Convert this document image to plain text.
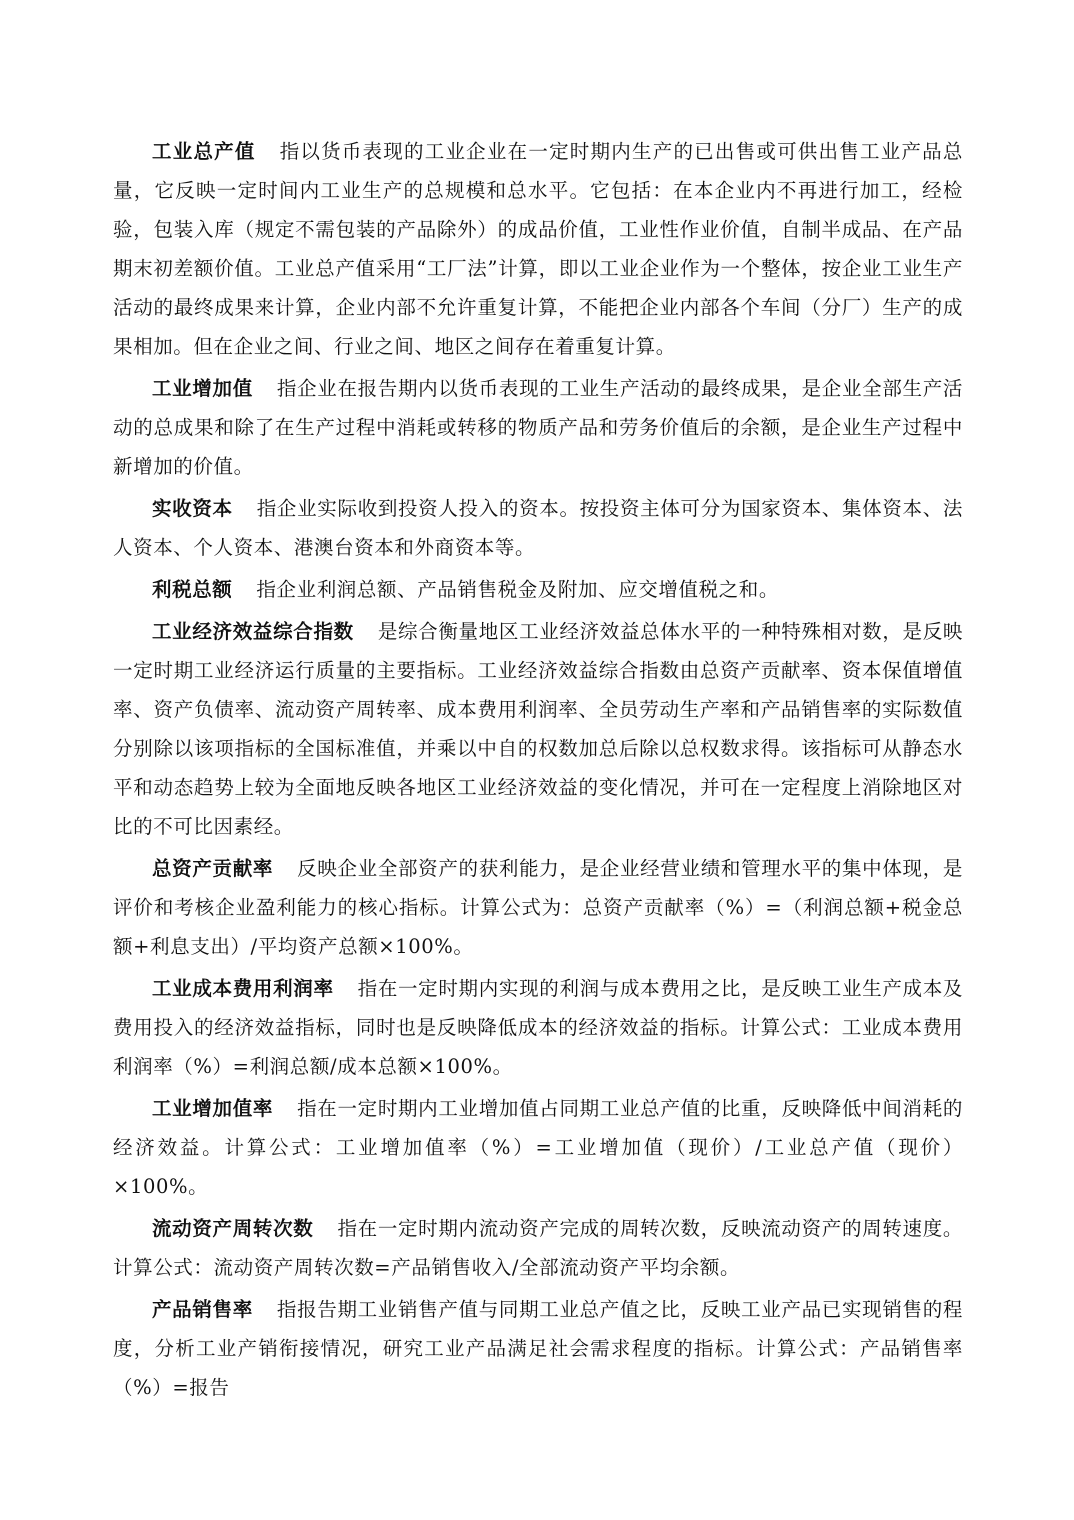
工业总产值 指以货币表现的工业企业在一定时期内生产的已出售或可供出售工业产品总量，它反映一定时间内工业生产的总规模和总水平。它包括：在本企业内不再进行加工，经检验，包装入库（规定不需包装的产品除外）的成品价值，工业性作业价值，自制半成品、在产品期末初差额价值。工业总产值采用“工厂法”计算，即以工业企业作为一个整体，按企业工业生产活动的最终成果来计算，企业内部不允许重复计算，不能把企业内部各个车间（分厂）生产的成果相加。但在企业之间、行业之间、地区之间存在着重复计算。

工业增加值 指企业在报告期内以货币表现的工业生产活动的最终成果，是企业全部生产活动的总成果和除了在生产过程中消耗或转移的物质产品和劳务价值后的余额，是企业生产过程中新增加的价值。

实收资本 指企业实际收到投资人投入的资本。按投资主体可分为国家资本、集体资本、法人资本、个人资本、港澳台资本和外商资本等。

利税总额 指企业利润总额、产品销售税金及附加、应交增值税之和。

工业经济效益综合指数 是综合衡量地区工业经济效益总体水平的一种特殊相对数，是反映一定时期工业经济运行质量的主要指标。工业经济效益综合指数由总资产贡献率、资本保值增值率、资产负债率、流动资产周转率、成本费用利润率、全员劳动生产率和产品销售率的实际数值分别除以该项指标的全国标准值，并乘以中自的权数加总后除以总权数求得。该指标可从静态水平和动态趋势上较为全面地反映各地区工业经济效益的变化情况，并可在一定程度上消除地区对比的不可比因素经。

总资产贡献率 反映企业全部资产的获利能力，是企业经营业绩和管理水平的集中体现，是评价和考核企业盈利能力的核心指标。计算公式为：总资产贡献率（%）=（利润总额+税金总额+利息支出）/平均资产总额×100%。

工业成本费用利润率 指在一定时期内实现的利润与成本费用之比，是反映工业生产成本及费用投入的经济效益指标，同时也是反映降低成本的经济效益的指标。计算公式：工业成本费用利润率（%）=利润总额/成本总额×100%。

工业增加值率 指在一定时期内工业增加值占同期工业总产值的比重，反映降低中间消耗的经济效益。计算公式：工业增加值率（%）=工业增加值（现价）/工业总产值（现价）×100%。

流动资产周转次数 指在一定时期内流动资产完成的周转次数，反映流动资产的周转速度。计算公式：流动资产周转次数=产品销售收入/全部流动资产平均余额。

产品销售率 指报告期工业销售产值与同期工业总产值之比，反映工业产品已实现销售的程度，分析工业产销衔接情况，研究工业产品满足社会需求程度的指标。计算公式：产品销售率（%）=报告
